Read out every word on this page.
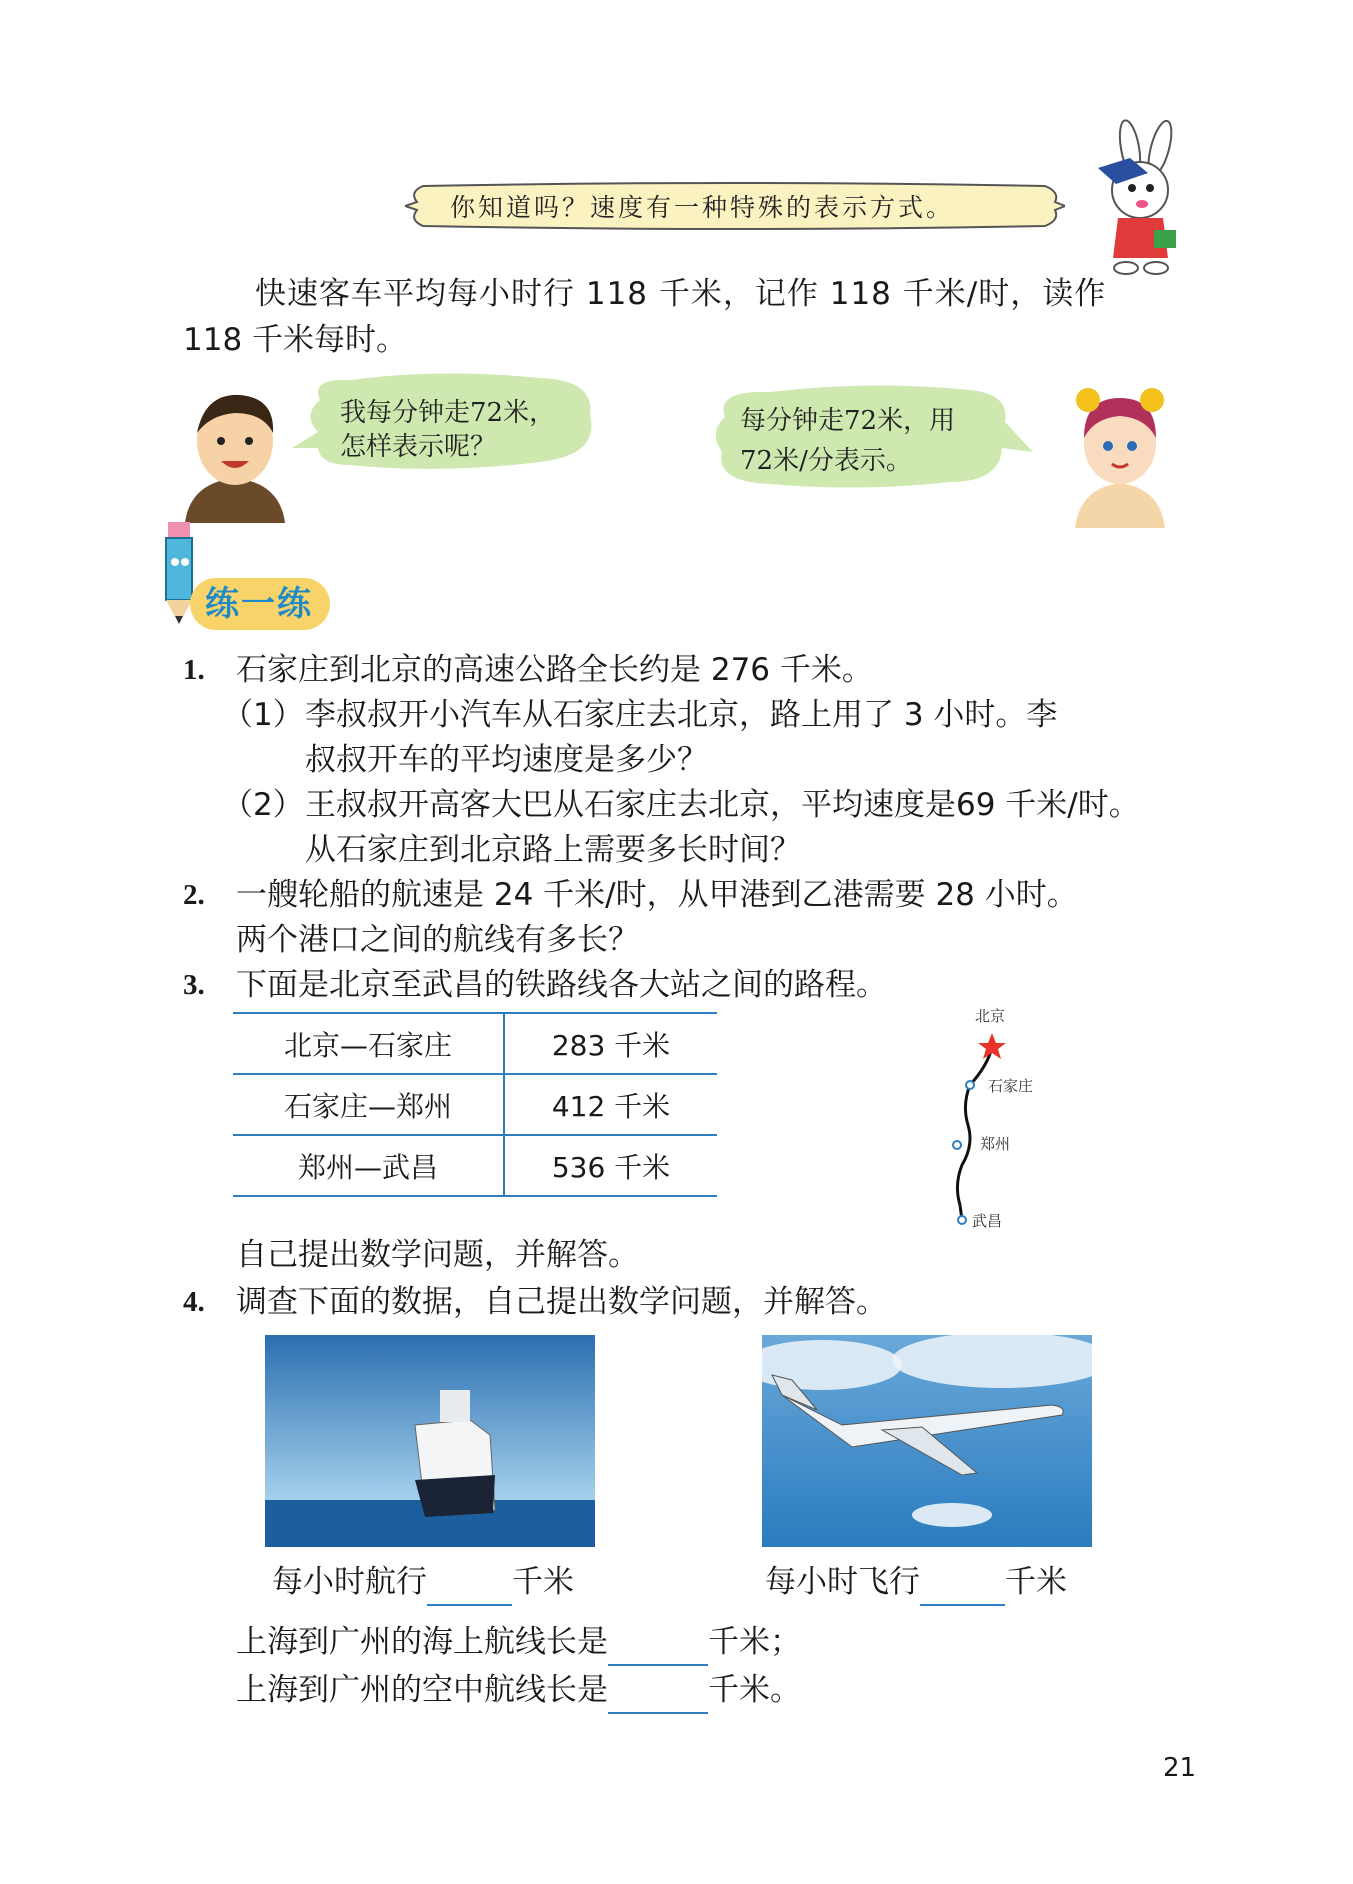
你知道吗？速度有一种特殊的表示方式。
快速客车平均每小时行 118 千米，记作 118 千米/时，读作
118 千米每时。
我每分钟走72米，
怎样表示呢？
每分钟走72米，用
72米/分表示。
练一练
1. 石家庄到北京的高速公路全长约是 276 千米。
（1） 李叔叔开小汽车从石家庄去北京，路上用了 3 小时。李
叔叔开车的平均速度是多少？
（2） 王叔叔开高客大巴从石家庄去北京，平均速度是69 千米/时。
从石家庄到北京路上需要多长时间？
2. 一艘轮船的航速是 24 千米/时，从甲港到乙港需要 28 小时。
两个港口之间的航线有多长？
3. 下面是北京至武昌的铁路线各大站之间的路程。
北京—石家庄	283 千米
石家庄—郑州	412 千米
郑州—武昌	536 千米
北京
石家庄
郑州
武昌
自己提出数学问题，并解答。
4. 调查下面的数据，自己提出数学问题，并解答。
每小时航行	千米	每小时飞行	千米
上海到广州的海上航线长是	千米；
上海到广州的空中航线长是	千米。
21
